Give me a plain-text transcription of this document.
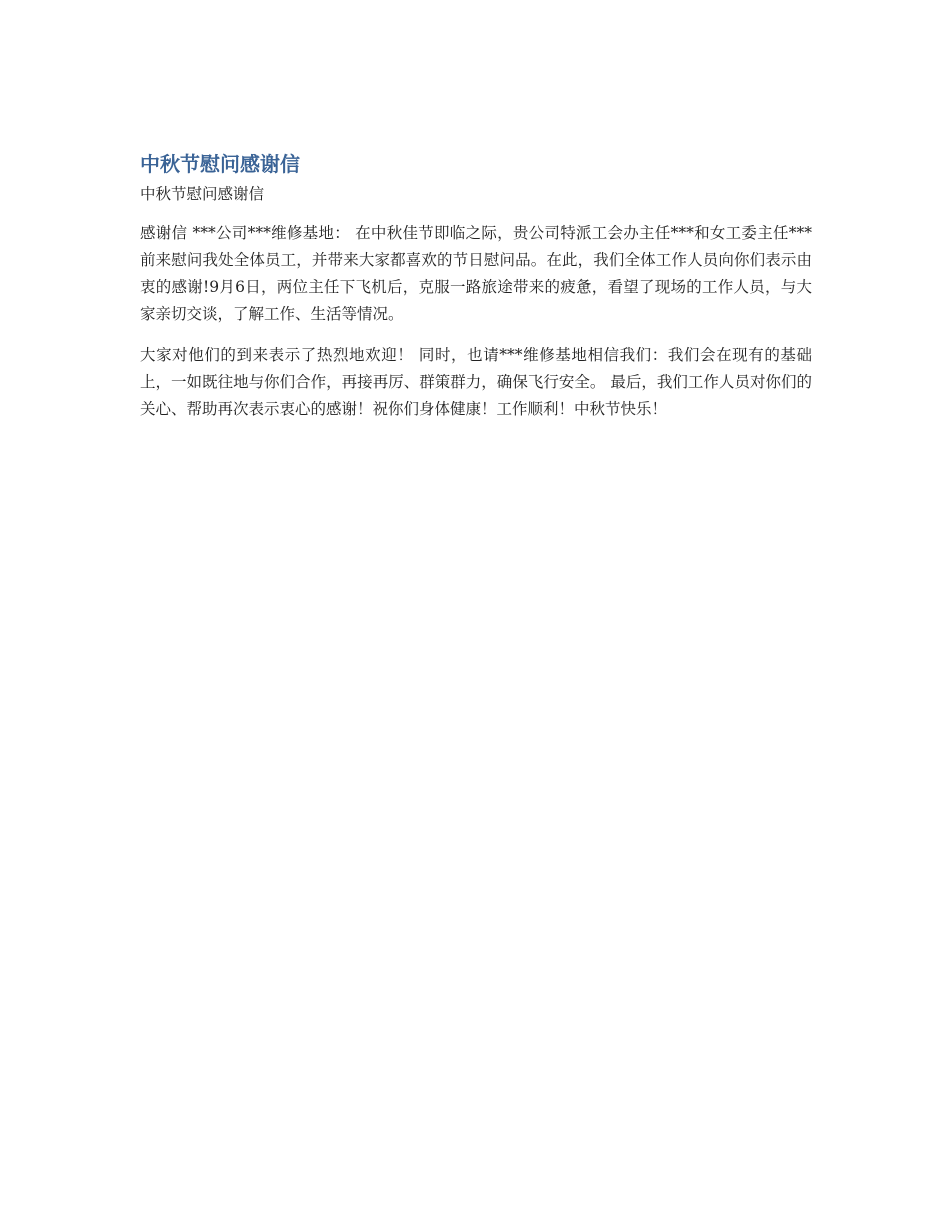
中秋节慰问感谢信
中秋节慰问感谢信

感谢信 ***公司***维修基地： 在中秋佳节即临之际，贵公司特派工会办主任***和女工委主任***前来慰问我处全体员工，并带来大家都喜欢的节日慰问品。在此，我们全体工作人员向你们表示由衷的感谢!9月6日，两位主任下飞机后，克服一路旅途带来的疲惫，看望了现场的工作人员，与大家亲切交谈，了解工作、生活等情况。

大家对他们的到来表示了热烈地欢迎！ 同时，也请***维修基地相信我们：我们会在现有的基础上，一如既往地与你们合作，再接再厉、群策群力，确保飞行安全。 最后，我们工作人员对你们的关心、帮助再次表示衷心的感谢！祝你们身体健康！工作顺利！中秋节快乐！
